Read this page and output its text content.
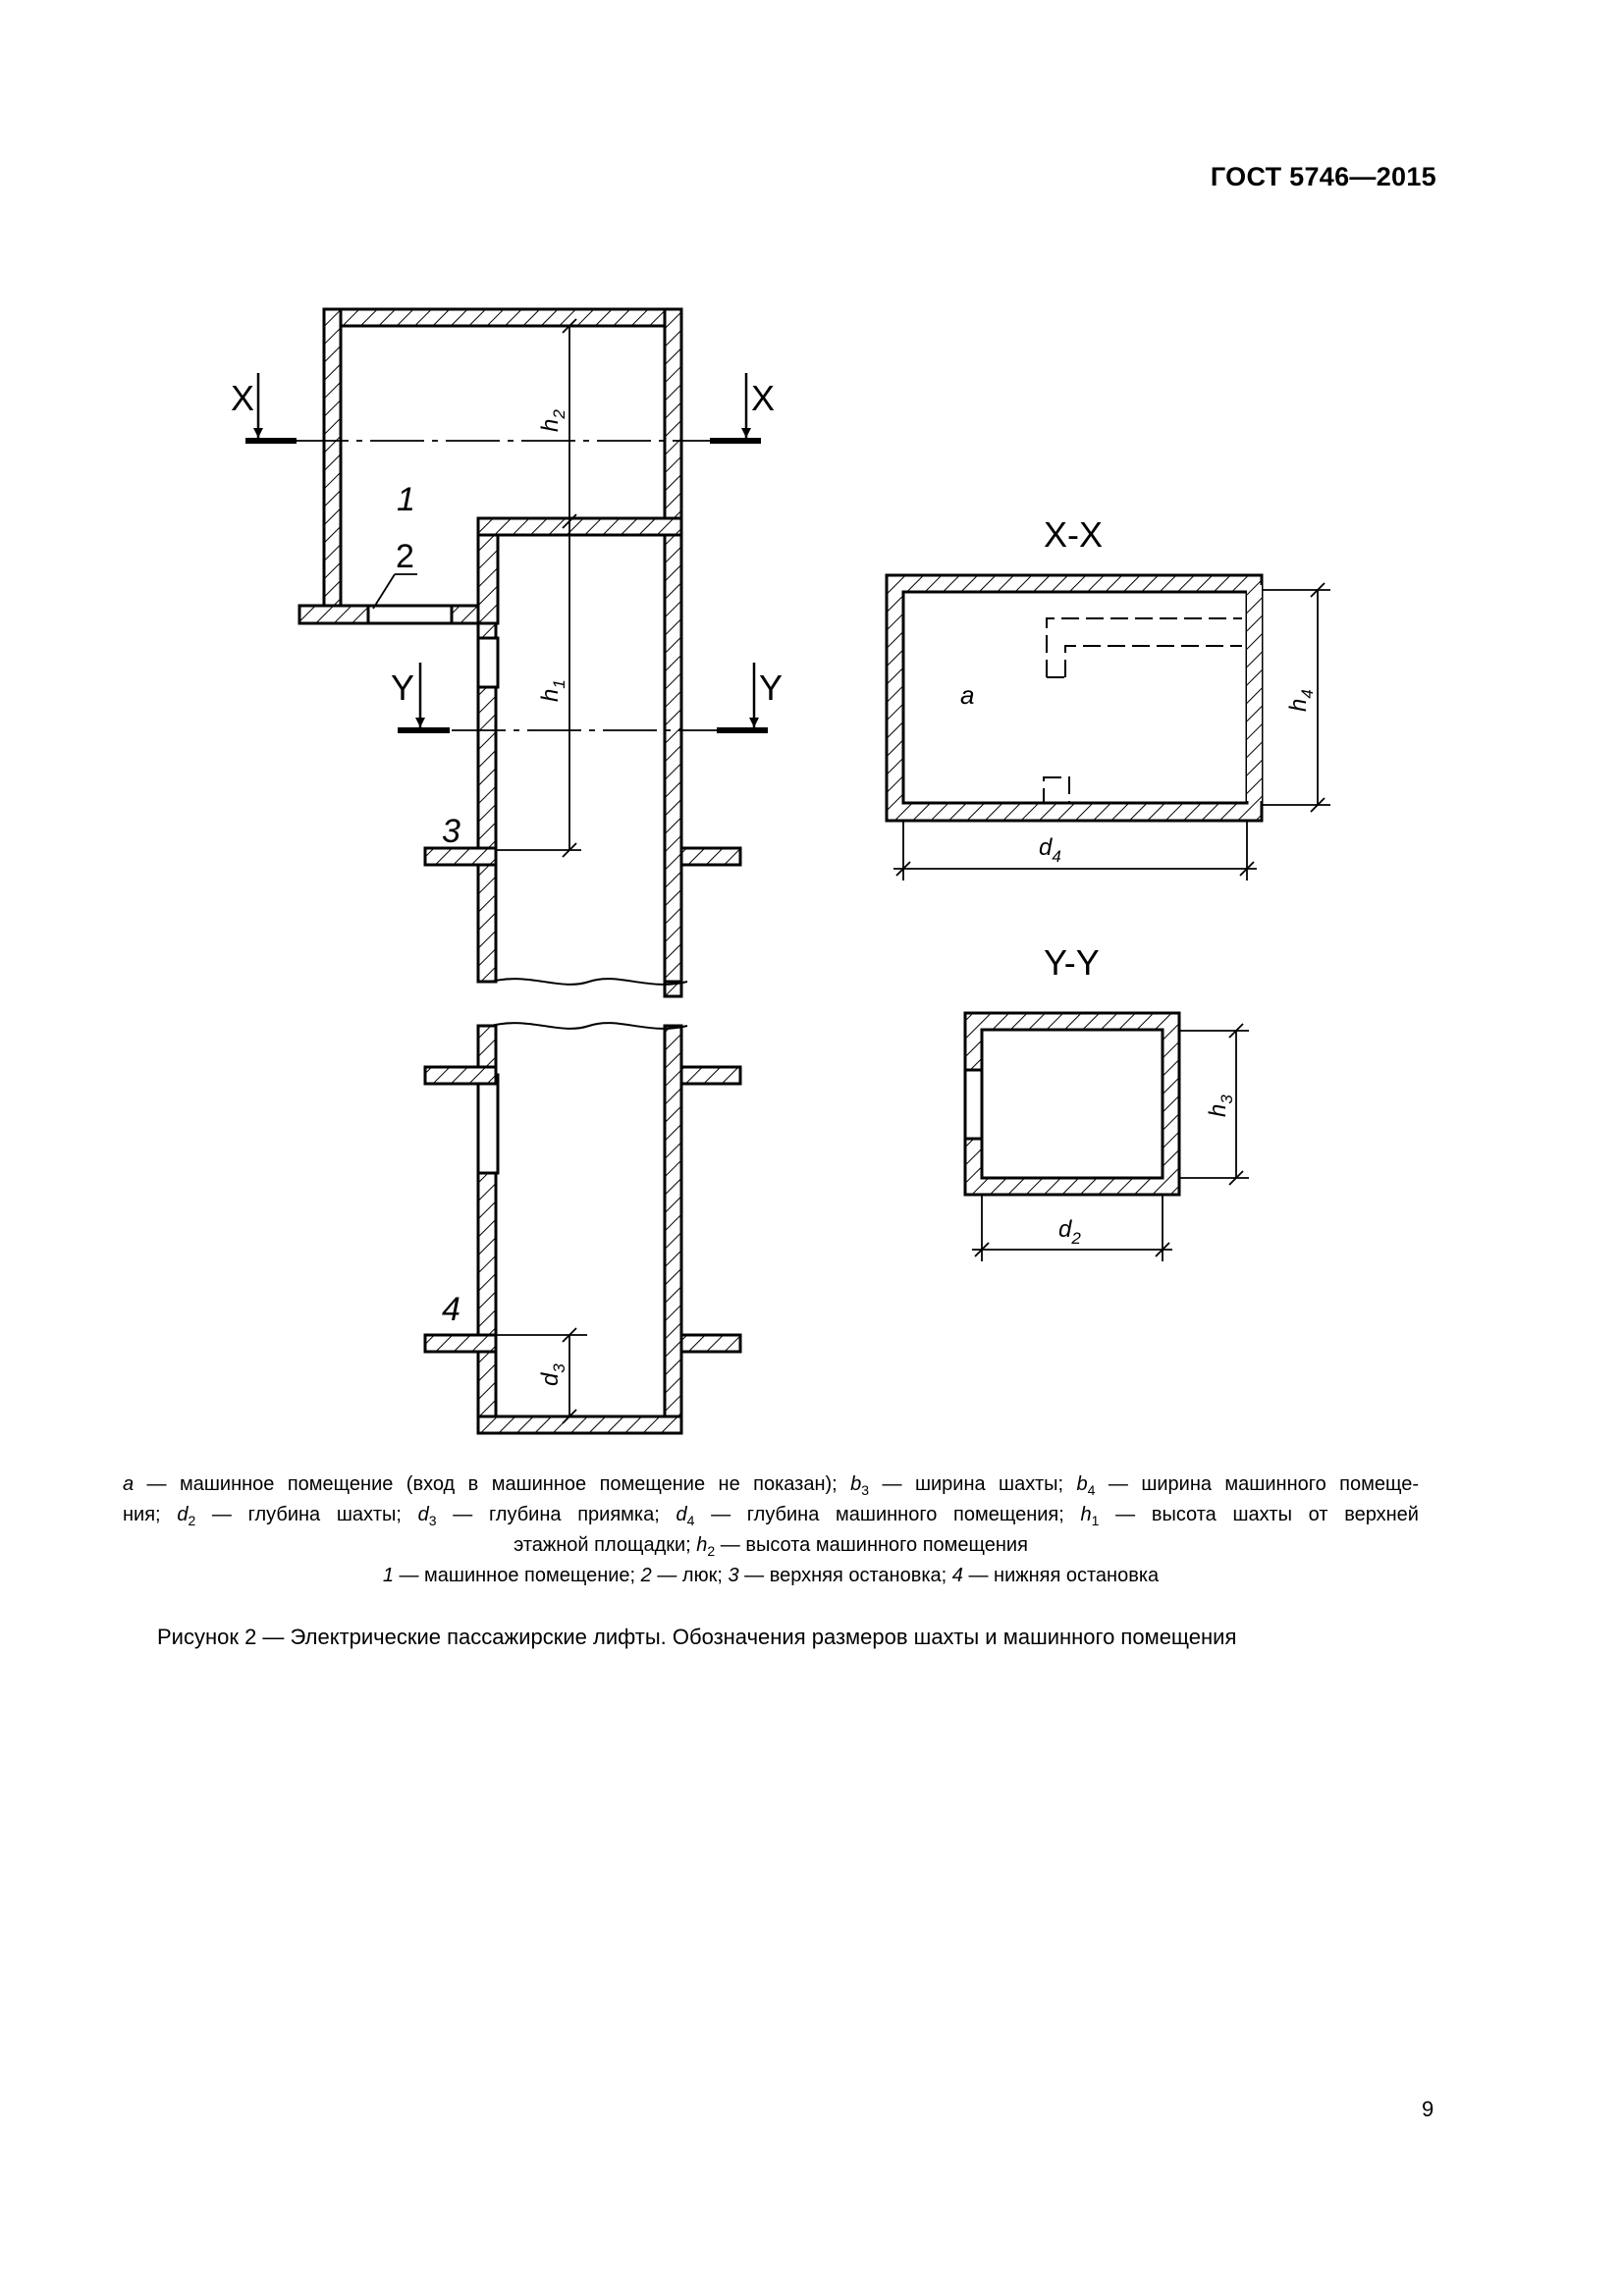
ГОСТ 5746—2015
X	X
Y	Y
1
2
3
4
$h_2$
$h_1$
$d_3$
X-X
a	$h_4$
$d_4$
Y-Y
$h_3$
$d_2$
a — машинное помещение (вход в машинное помещение не показан); $b_3$ — ширина шахты; $b_4$ — ширина машинного помеще-
ния; $d_2$ — глубина шахты; $d_3$ — глубина приямка; $d_4$ — глубина машинного помещения; $h_1$ — высота шахты от верхней
этажной площадки; $h_2$ — высота машинного помещения
1 — машинное помещение; 2 — люк; 3 — верхняя остановка; 4 — нижняя остановка
Рисунок 2 — Электрические пассажирские лифты. Обозначения размеров шахты и машинного помещения
9
